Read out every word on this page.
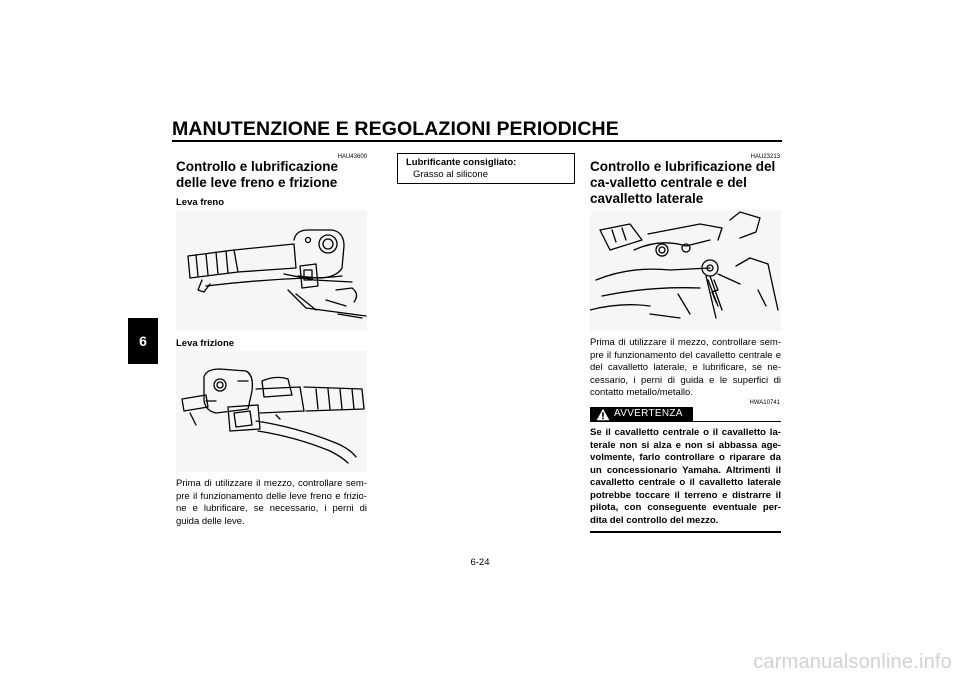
MANUTENZIONE E REGOLAZIONI PERIODICHE
6
HAU43600
Controllo e lubrificazione delle leve freno e frizione
Leva freno
Leva frizione
Prima di utilizzare il mezzo, controllare sem-pre il funzionamento delle leve freno e frizio-ne e lubrificare, se necessario, i perni di guida delle leve.
Lubrificante consigliato:
Grasso al silicone
HAU23213
Controllo e lubrificazione del ca-valletto centrale e del cavalletto laterale
Prima di utilizzare il mezzo, controllare sem-pre il funzionamento del cavalletto centrale e del cavalletto laterale, e lubrificare, se ne-cessario, i perni di guida e le superfici di contatto metallo/metallo.
HWA10741
AVVERTENZA
Se il cavalletto centrale o il cavalletto la-terale non si alza e non si abbassa age-volmente, farlo controllare o riparare da un concessionario Yamaha. Altrimenti il cavalletto centrale o il cavalletto laterale potrebbe toccare il terreno e distrarre il pilota, con conseguente eventuale per-dita del controllo del mezzo.
6-24
carmanualsonline.info
